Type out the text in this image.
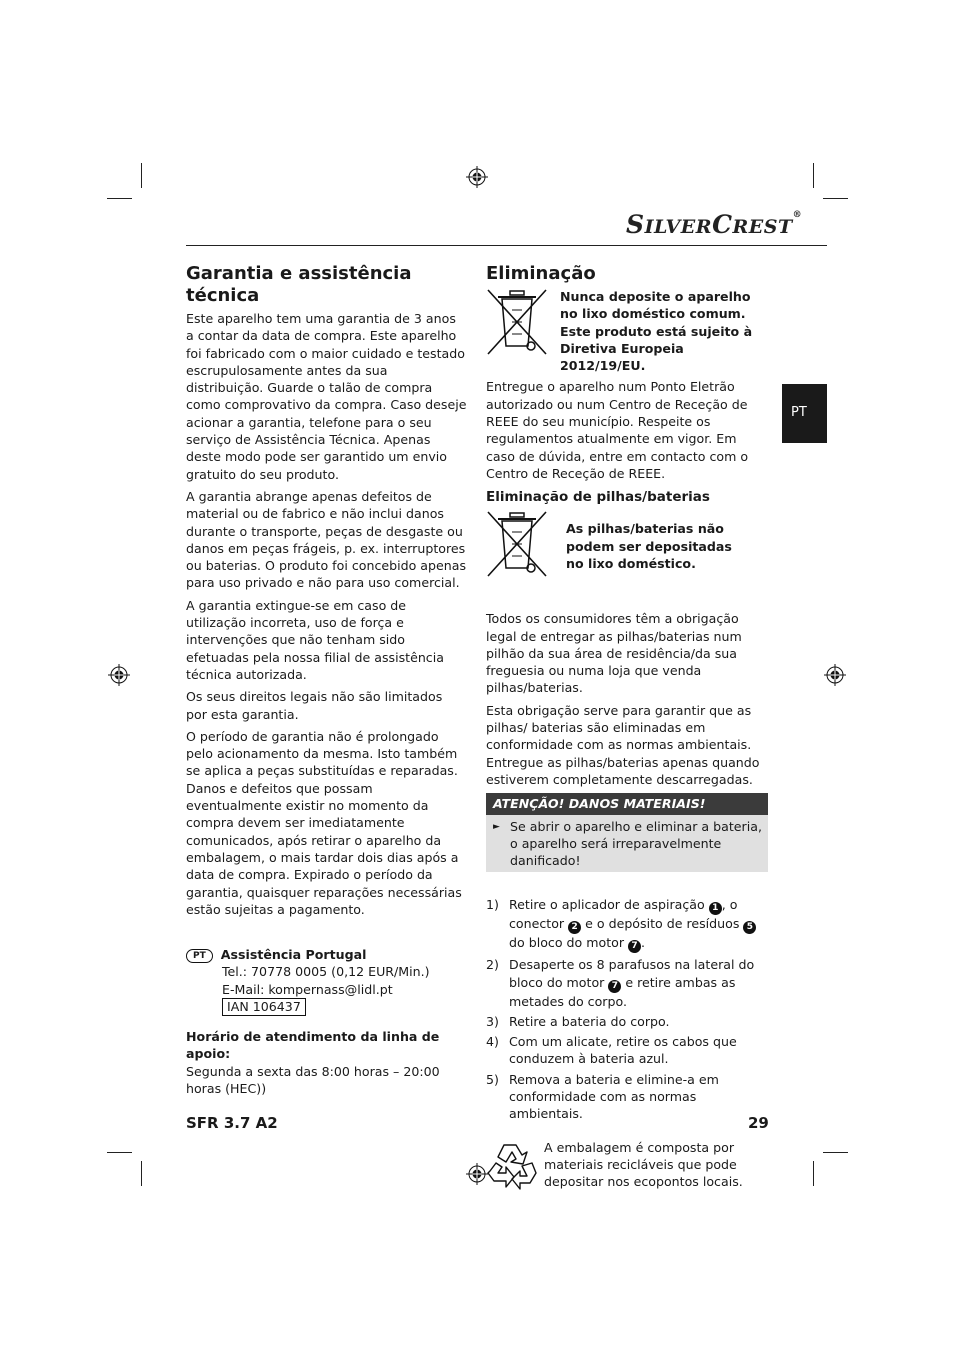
SILVERCREST®
PT
Garantia e assistência técnica

Este aparelho tem uma garantia de 3 anos a contar da data de compra. Este aparelho foi fabricado com o maior cuidado e testado escrupulosamente antes da sua distribuição. Guarde o talão de compra como comprovativo da compra. Caso deseje acionar a garantia, telefone para o seu serviço de Assistência Técnica. Apenas deste modo pode ser garantido um envio gratuito do seu produto.

A garantia abrange apenas defeitos de material ou de fabrico e não inclui danos durante o transporte, peças de desgaste ou danos em peças frágeis, p. ex. interruptores ou baterias. O produto foi concebido apenas para uso privado e não para uso comercial.

A garantia extingue-se em caso de utilização incorreta, uso de força e intervenções que não tenham sido efetuadas pela nossa filial de assistência técnica autorizada.

Os seus direitos legais não são limitados por esta garantia.

O período de garantia não é prolongado pelo acionamento da mesma. Isto também se aplica a peças substituídas e reparadas. Danos e defeitos que possam eventualmente existir no momento da compra devem ser imediatamente comunicados, após retirar o aparelho da embalagem, o mais tardar dois dias após a data de compra. Expirado o período da garantia, quaisquer reparações necessárias estão sujeitas a pagamento.

PT Assistência Portugal
Tel.: 70778 0005 (0,12 EUR/Min.)
E-Mail: kompernass@lidl.pt
IAN 106437
Horário de atendimento da linha de apoio:
Segunda a sexta das 8:00 horas – 20:00 horas (HEC))
Eliminação
Nunca deposite o aparelho no lixo doméstico comum. Este produto está sujeito à Diretiva Europeia 2012/19/EU.

Entregue o aparelho num Ponto Eletrão autorizado ou num Centro de Receção de REEE do seu município. Respeite os regulamentos atualmente em vigor. Em caso de dúvida, entre em contacto com o Centro de Receção de REEE.

Eliminação de pilhas/baterias
As pilhas/baterias não podem ser depositadas no lixo doméstico.

Todos os consumidores têm a obrigação legal de entregar as pilhas/baterias num pilhão da sua área de residência/da sua freguesia ou numa loja que venda pilhas/baterias.

Esta obrigação serve para garantir que as pilhas/ baterias são eliminadas em conformidade com as normas ambientais. Entregue as pilhas/baterias apenas quando estiverem completamente descarregadas.

ATENÇÃO! DANOS MATERIAIS!
► Se abrir o aparelho e eliminar a bateria, o aparelho será irreparavelmente danificado!
1) Retire o aplicador de aspiração 1 , o conector 2 e o depósito de resíduos 5 do bloco do motor 7 .
2) Desaperte os 8 parafusos na lateral do bloco do motor 7 e retire ambas as metades do corpo.
3) Retire a bateria do corpo.
4) Com um alicate, retire os cabos que conduzem à bateria azul.
5) Remova a bateria e elimine-a em conformidade com as normas ambientais.
A embalagem é composta por materiais recicláveis que pode depositar nos ecopontos locais.
SFR 3.7 A2	29
